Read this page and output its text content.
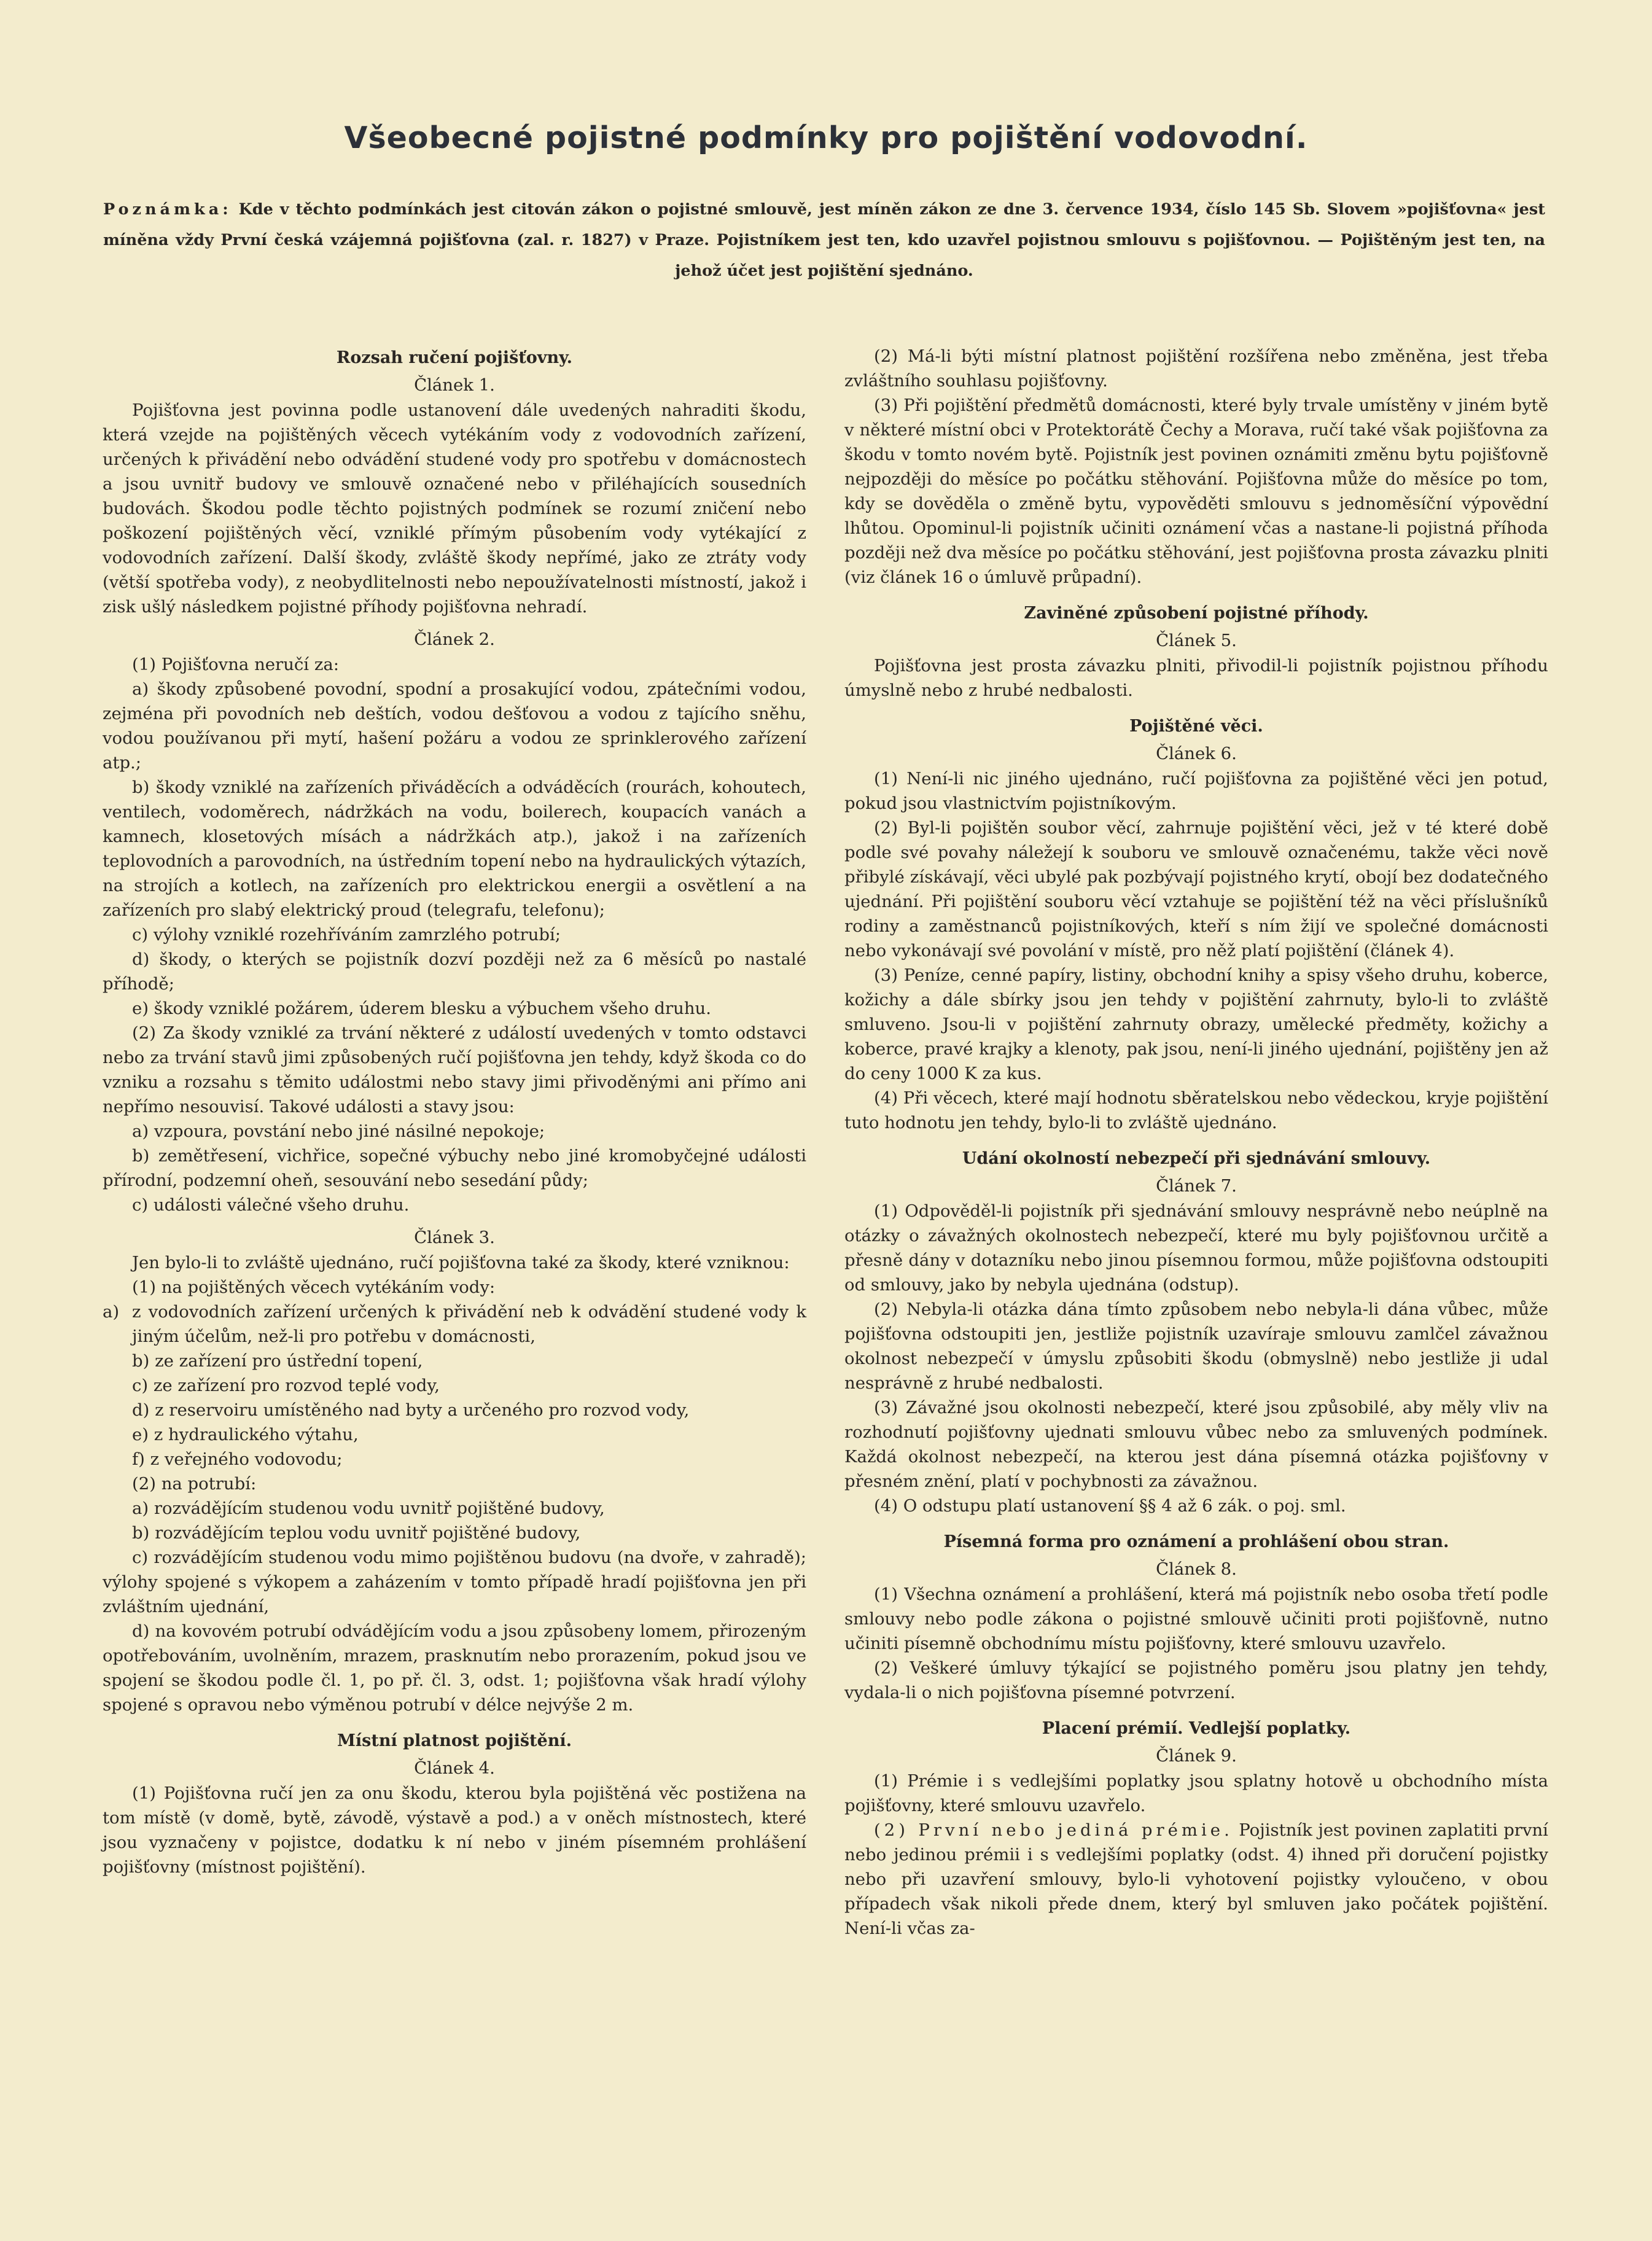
Všeobecné pojistné podmínky pro pojištění vodovodní.
Poznámka: Kde v těchto podmínkách jest citován zákon o pojistné smlouvě, jest míněn zákon ze dne 3. července 1934, číslo 145 Sb. Slovem »pojišťovna« jest míněna vždy První česká vzájemná pojišťovna (zal. r. 1827) v Praze. Pojistníkem jest ten, kdo uzavřel pojistnou smlouvu s pojišťovnou. — Pojištěným jest ten, na jehož účet jest pojištění sjednáno.
Rozsah ručení pojišťovny.
Článek 1.

Pojišťovna jest povinna podle ustanovení dále uvedených nahraditi škodu, která vzejde na pojištěných věcech vytékáním vody z vodovodních zařízení, určených k přivádění nebo odvádění studené vody pro spotřebu v domácnostech a jsou uvnitř budovy ve smlouvě označené nebo v přiléhajících sousedních budovách. Škodou podle těchto pojistných podmínek se rozumí zničení nebo poškození pojištěných věcí, vzniklé přímým působením vody vytékající z vodovodních zařízení. Další škody, zvláště škody nepřímé, jako ze ztráty vody (větší spotřeba vody), z neobydlitelnosti nebo nepoužívatelnosti místností, jakož i zisk ušlý následkem pojistné příhody pojišťovna nehradí.

Článek 2.

(1) Pojišťovna neručí za:

a) škody způsobené povodní, spodní a prosakující vodou, zpátečními vodou, zejména při povodních neb deštích, vodou dešťovou a vodou z tajícího sněhu, vodou používanou při mytí, hašení požáru a vodou ze sprinklerového zařízení atp.;

b) škody vzniklé na zařízeních přiváděcích a odváděcích (rourách, kohoutech, ventilech, vodoměrech, nádržkách na vodu, boilerech, koupacích vanách a kamnech, klosetových mísách a nádržkách atp.), jakož i na zařízeních teplovodních a parovodních, na ústředním topení nebo na hydraulických výtazích, na strojích a kotlech, na zařízeních pro elektrickou energii a osvětlení a na zařízeních pro slabý elektrický proud (telegrafu, telefonu);

c) výlohy vzniklé rozehříváním zamrzlého potrubí;

d) škody, o kterých se pojistník dozví později než za 6 měsíců po nastalé příhodě;

e) škody vzniklé požárem, úderem blesku a výbuchem všeho druhu.

(2) Za škody vzniklé za trvání některé z událostí uvedených v tomto odstavci nebo za trvání stavů jimi způsobených ručí pojišťovna jen tehdy, když škoda co do vzniku a rozsahu s těmito událostmi nebo stavy jimi přivoděnými ani přímo ani nepřímo nesouvisí. Takové události a stavy jsou:

a) vzpoura, povstání nebo jiné násilné nepokoje;

b) zemětřesení, vichřice, sopečné výbuchy nebo jiné kromobyčejné události přírodní, podzemní oheň, sesouvání nebo sesedání půdy;

c) události válečné všeho druhu.

Článek 3.

Jen bylo-li to zvláště ujednáno, ručí pojišťovna také za škody, které vzniknou:

(1) na pojištěných věcech vytékáním vody:

a) z vodovodních zařízení určených k přivádění neb k odvádění studené vody k jiným účelům, než-li pro potřebu v domácnosti,

b) ze zařízení pro ústřední topení,

c) ze zařízení pro rozvod teplé vody,

d) z reservoiru umístěného nad byty a určeného pro rozvod vody,

e) z hydraulického výtahu,

f) z veřejného vodovodu;

(2) na potrubí:

a) rozvádějícím studenou vodu uvnitř pojištěné budovy,

b) rozvádějícím teplou vodu uvnitř pojištěné budovy,

c) rozvádějícím studenou vodu mimo pojištěnou budovu (na dvoře, v zahradě); výlohy spojené s výkopem a zaházením v tomto případě hradí pojišťovna jen při zvláštním ujednání,

d) na kovovém potrubí odvádějícím vodu a jsou způsobeny lomem, přirozeným opotřebováním, uvolněním, mrazem, prasknutím nebo prorazením, pokud jsou ve spojení se škodou podle čl. 1, po př. čl. 3, odst. 1; pojišťovna však hradí výlohy spojené s opravou nebo výměnou potrubí v délce nejvýše 2 m.

Místní platnost pojištění.
Článek 4.

(1) Pojišťovna ručí jen za onu škodu, kterou byla pojištěná věc postižena na tom místě (v domě, bytě, závodě, výstavě a pod.) a v oněch místnostech, které jsou vyznačeny v pojistce, dodatku k ní nebo v jiném písemném prohlášení pojišťovny (místnost pojištění).

(2) Má-li býti místní platnost pojištění rozšířena nebo změněna, jest třeba zvláštního souhlasu pojišťovny.

(3) Při pojištění předmětů domácnosti, které byly trvale umístěny v jiném bytě v některé místní obci v Protektorátě Čechy a Morava, ručí také však pojišťovna za škodu v tomto novém bytě. Pojistník jest povinen oznámiti změnu bytu pojišťovně nejpozději do měsíce po počátku stěhování. Pojišťovna může do měsíce po tom, kdy se dověděla o změně bytu, vypověděti smlouvu s jednoměsíční výpovědní lhůtou. Opominul-li pojistník učiniti oznámení včas a nastane-li pojistná příhoda později než dva měsíce po počátku stěhování, jest pojišťovna prosta závazku plniti (viz článek 16 o úmluvě průpadní).

Zaviněné způsobení pojistné příhody.
Článek 5.

Pojišťovna jest prosta závazku plniti, přivodil-li pojistník pojistnou příhodu úmyslně nebo z hrubé nedbalosti.

Pojištěné věci.
Článek 6.

(1) Není-li nic jiného ujednáno, ručí pojišťovna za pojištěné věci jen potud, pokud jsou vlastnictvím pojistníkovým.

(2) Byl-li pojištěn soubor věcí, zahrnuje pojištění věci, jež v té které době podle své povahy náležejí k souboru ve smlouvě označenému, takže věci nově přibylé získávají, věci ubylé pak pozbývají pojistného krytí, obojí bez dodatečného ujednání. Při pojištění souboru věcí vztahuje se pojištění též na věci příslušníků rodiny a zaměstnanců pojistníkových, kteří s ním žijí ve společné domácnosti nebo vykonávají své povolání v místě, pro něž platí pojištění (článek 4).

(3) Peníze, cenné papíry, listiny, obchodní knihy a spisy všeho druhu, koberce, kožichy a dále sbírky jsou jen tehdy v pojištění zahrnuty, bylo-li to zvláště smluveno. Jsou-li v pojištění zahrnuty obrazy, umělecké předměty, kožichy a koberce, pravé krajky a klenoty, pak jsou, není-li jiného ujednání, pojištěny jen až do ceny 1000 K za kus.

(4) Při věcech, které mají hodnotu sběratelskou nebo vědeckou, kryje pojištění tuto hodnotu jen tehdy, bylo-li to zvláště ujednáno.

Udání okolností nebezpečí při sjednávání smlouvy.
Článek 7.

(1) Odpověděl-li pojistník při sjednávání smlouvy nesprávně nebo neúplně na otázky o závažných okolnostech nebezpečí, které mu byly pojišťovnou určitě a přesně dány v dotazníku nebo jinou písemnou formou, může pojišťovna odstoupiti od smlouvy, jako by nebyla ujednána (odstup).

(2) Nebyla-li otázka dána tímto způsobem nebo nebyla-li dána vůbec, může pojišťovna odstoupiti jen, jestliže pojistník uzavíraje smlouvu zamlčel závažnou okolnost nebezpečí v úmyslu způsobiti škodu (obmyslně) nebo jestliže ji udal nesprávně z hrubé nedbalosti.

(3) Závažné jsou okolnosti nebezpečí, které jsou způsobilé, aby měly vliv na rozhodnutí pojišťovny ujednati smlouvu vůbec nebo za smluvených podmínek. Každá okolnost nebezpečí, na kterou jest dána písemná otázka pojišťovny v přesném znění, platí v pochybnosti za závažnou.

(4) O odstupu platí ustanovení §§ 4 až 6 zák. o poj. sml.

Písemná forma pro oznámení a prohlášení obou stran.
Článek 8.

(1) Všechna oznámení a prohlášení, která má pojistník nebo osoba třetí podle smlouvy nebo podle zákona o pojistné smlouvě učiniti proti pojišťovně, nutno učiniti písemně obchodnímu místu pojišťovny, které smlouvu uzavřelo.

(2) Veškeré úmluvy týkající se pojistného poměru jsou platny jen tehdy, vydala-li o nich pojišťovna písemné potvrzení.

Placení prémií. Vedlejší poplatky.
Článek 9.

(1) Prémie i s vedlejšími poplatky jsou splatny hotově u obchodního místa pojišťovny, které smlouvu uzavřelo.

(2) První nebo jediná prémie. Pojistník jest povinen zaplatiti první nebo jedinou prémii i s vedlejšími poplatky (odst. 4) ihned při doručení pojistky nebo při uzavření smlouvy, bylo-li vyhotovení pojistky vyloučeno, v obou případech však nikoli předе dnem, který byl smluven jako počátek pojištění. Není-li včas za-
